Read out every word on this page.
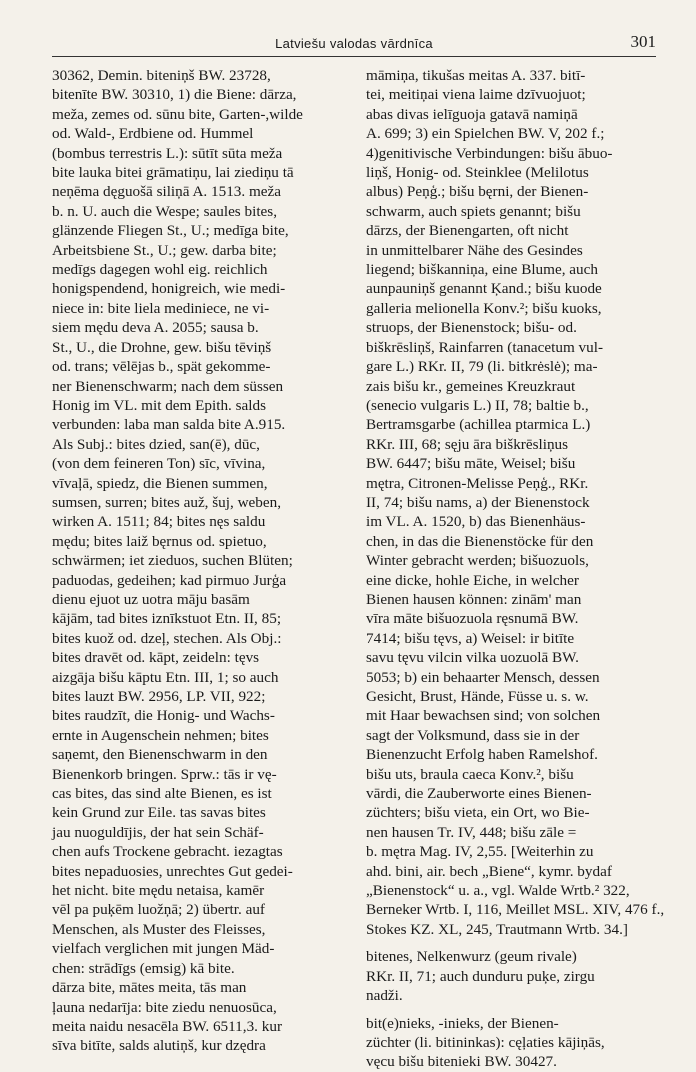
Latviešu valodas vārdnīca	301

30362, Demin. biteniņš BW. 23728,
bitenīte BW. 30310, 1) die Biene: dārza,
meža, zemes od. sūnu bite, Garten-,wilde
od. Wald-, Erdbiene od. Hummel
(bombus terrestris L.): sūtīt sūta meža
bite lauka bitei grāmatiņu, lai ziediņu tā
neņēma dęguošā siliņā A. 1513. meža
b. n. U. auch die Wespe; saules bites,
glänzende Fliegen St., U.; medīga bite,
Arbeitsbiene St., U.; gew. darba bite;
medīgs dagegen wohl eig. reichlich
honigspendend, honigreich, wie medi-
niece in: bite liela mediniece, ne vi-
siem mędu deva A. 2055; sausa b.
St., U., die Drohne, gew. bišu tēviņš
od. trans; vēlējas b., spät gekomme-
ner Bienenschwarm; nach dem süssen
Honig im VL. mit dem Epith. salds
verbunden: laba man salda bite A.915.
Als Subj.: bites dzied, san(ē), dūc,
(von dem feineren Ton) sīc, vīvina,
vīvaļā, spiedz, die Bienen summen,
sumsen, surren; bites auž, šuj, weben,
wirken A. 1511; 84; bites nęs saldu
mędu; bites laiž bęrnus od. spietuo,
schwärmen; iet zieduos, suchen Blüten;
paduodas, gedeihen; kad pirmuo Jurģa
dienu ejuot uz uotra māju basām
kājām, tad bites iznīkstuot Etn. II, 85;
bites kuož od. dzeļ, stechen. Als Obj.:
bites dravēt od. kāpt, zeideln: tęvs
aizgāja bišu kāptu Etn. III, 1; so auch
bites lauzt BW. 2956, LP. VII, 922;
bites raudzīt, die Honig- und Wachs-
ernte in Augenschein nehmen; bites
saņemt, den Bienenschwarm in den
Bienenkorb bringen. Sprw.: tās ir vę-
cas bites, das sind alte Bienen, es ist
kein Grund zur Eile. tas savas bites
jau nuoguldījis, der hat sein Schäf-
chen aufs Trockene gebracht. iezagtas
bites nepaduosies, unrechtes Gut gedei-
het nicht. bite mędu netaisa, kamēr
vēl pa puķēm luožņā; 2) übertr. auf
Menschen, als Muster des Fleisses,
vielfach verglichen mit jungen Mäd-
chen: strādīgs (emsig) kā bite.
dārza bite, mātes meita, tās man
ļauna nedarīja: bite ziedu nenuosūca,
meita naidu nesacēla BW. 6511,3. kur
sīva bitīte, salds alutiņš, kur dzędra

māmiņa, tikušas meitas A. 337. bitī-
tei, meitiņai viena laime dzīvuojuot;
abas divas ielīguoja gatavā namiņā
A. 699; 3) ein Spielchen BW. V, 202 f.;
4)genitivische Verbindungen: bišu ābuo-
liņš, Honig- od. Steinklee (Melilotus
albus) Peņģ.; bišu bęrni, der Bienen-
schwarm, auch spiets genannt; bišu
dārzs, der Bienengarten, oft nicht
in unmittelbarer Nähe des Gesindes
liegend; biškanniņa, eine Blume, auch
aunpauniņš genannt Ķand.; bišu kuode
galleria melionella Konv.²; bišu kuoks,
struops, der Bienenstock; bišu- od.
biškrēsliņš, Rainfarren (tanacetum vul-
gare L.) RKr. II, 79 (li. bitkrėslė); ma-
zais bišu kr., gemeines Kreuzkraut
(senecio vulgaris L.) II, 78; baltie b.,
Bertramsgarbe (achillea ptarmica L.)
RKr. III, 68; sęju āra biškrēsliņus
BW. 6447; bišu māte, Weisel; bišu
mętra, Citronen-Melisse Peņģ., RKr.
II, 74; bišu nams, a) der Bienenstock
im VL. A. 1520, b) das Bienenhäus-
chen, in das die Bienenstöcke für den
Winter gebracht werden; bišuozuols,
eine dicke, hohle Eiche, in welcher
Bienen hausen können: zinām' man
vīra māte bišuozuola ręsnumā BW.
7414; bišu tęvs, a) Weisel: ir bitīte
savu tęvu vilcin vilka uozuolā BW.
5053; b) ein behaarter Mensch, dessen
Gesicht, Brust, Hände, Füsse u. s. w.
mit Haar bewachsen sind; von solchen
sagt der Volksmund, dass sie in der
Bienenzucht Erfolg haben Ramelshof.
bišu uts, braula caeca Konv.², bišu
vārdi, die Zauberworte eines Bienen-
züchters; bišu vieta, ein Ort, wo Bie-
nen hausen Tr. IV, 448; bišu zāle =
b. mętra Mag. IV, 2,55. [Weiterhin zu
ahd. bini, air. bech „Biene“, kymr. bydaf
„Bienenstock“ u. a., vgl. Walde Wrtb.² 322,
Berneker Wrtb. I, 116, Meillet MSL. XIV, 476 f.,
Stokes KZ. XL, 245, Trautmann Wrtb. 34.]

bitenes, Nelkenwurz (geum rivale)
RKr. II, 71; auch dunduru puķe, zirgu
nadži.

bit(e)nieks, -inieks, der Bienen-
züchter (li. bitininkas): cęļaties kājiņās,
vęcu bišu bitenieki BW. 30427.
